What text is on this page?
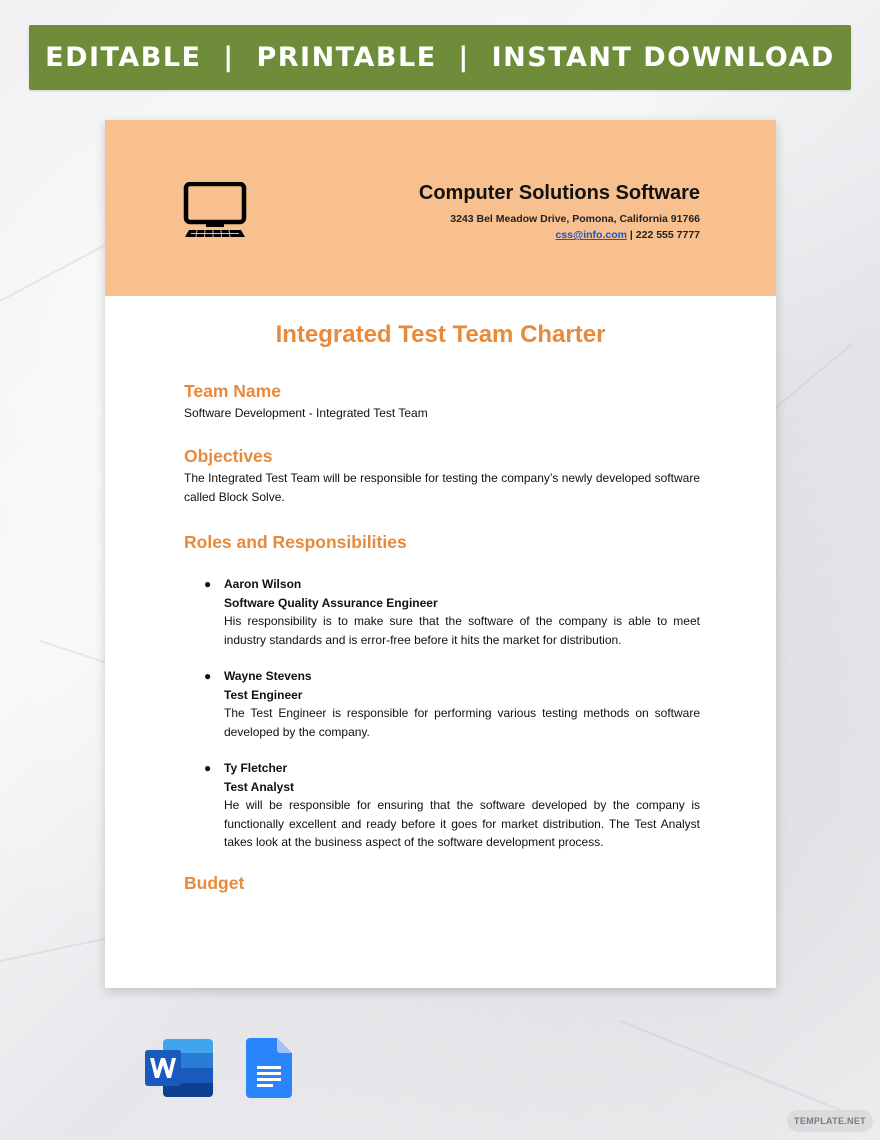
EDITABLE  |  PRINTABLE  |  INSTANT DOWNLOAD
Computer Solutions Software
3243 Bel Meadow Drive, Pomona, California 91766
css@info.com | 222 555 7777
Integrated Test Team Charter
Team Name

Software Development - Integrated Test Team

Objectives

The Integrated Test Team will be responsible for testing the company’s newly developed software called Block Solve.

Roles and Responsibilities
● Aaron Wilson
Software Quality Assurance Engineer
His responsibility is to make sure that the software of the company is able to meet industry standards and is error-free before it hits the market for distribution.
● Wayne Stevens
Test Engineer
The Test Engineer is responsible for performing various testing methods on software developed by the company.
● Ty Fletcher
Test Analyst
He will be responsible for ensuring that the software developed by the company is functionally excellent and ready before it goes for market distribution. The Test Analyst takes look at the business aspect of the software development process.
Budget
TEMPLATE.NET
